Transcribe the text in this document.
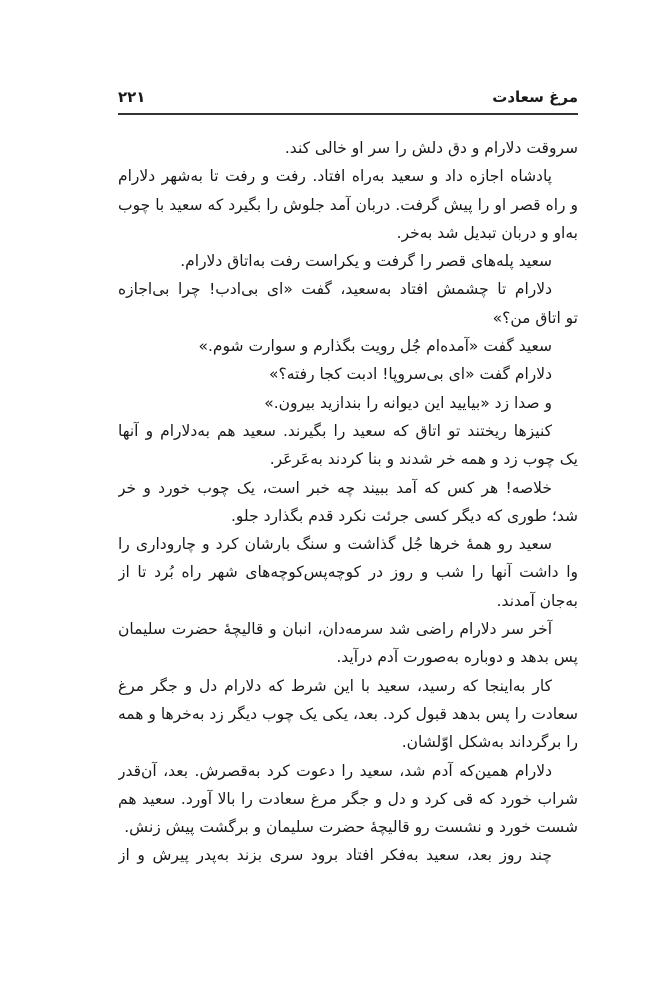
مرغ سعادت
۲۲۱
سروقت دلارام و دق دلش را سر او خالی کند.
پادشاه اجازه داد و سعید به‌راه افتاد. رفت و رفت تا به‌شهر دلارام
و راه قصر او را پیش گرفت. دربان آمد جلوش را بگیرد که سعید با چوب
به‌او و دربان تبدیل شد به‌خر.
سعید پله‌های قصر را گرفت و یکراست رفت به‌اتاق دلارام.
دلارام تا چشمش افتاد به‌سعید، گفت «ای بی‌ادب! چرا بی‌اجازه
تو اتاق من؟»
سعید گفت «آمده‌ام جُل رویت بگذارم و سوارت شوم.»
دلارام گفت «ای بی‌سروپا! ادبت کجا رفته؟»
و صدا زد «بیایید این دیوانه را بندازید بیرون.»
کنیزها ریختند تو اتاق که سعید را بگیرند. سعید هم به‌دلارام و آنها
یک چوب زد و همه خر شدند و بنا کردند به‌عَرعَر.
خلاصه! هر کس که آمد ببیند چه خبر است، یک چوب خورد و خر
شد؛ طوری که دیگر کسی جرئت نکرد قدم بگذارد جلو.
سعید رو همهٔ خرها جُل گذاشت و سنگ بارشان کرد و چاروداری را
وا داشت آنها را شب و روز در کوچه‌پس‌کوچه‌های شهر راه بُرد تا از
به‌جان آمدند.
آخر سر دلارام راضی شد سرمه‌دان، انبان و قالیچهٔ حضرت سلیمان
پس بدهد و دوباره به‌صورت آدم درآید.
کار به‌اینجا که رسید، سعید با این شرط که دلارام دل و جگر مرغ
سعادت را پس بدهد قبول کرد. بعد، یکی یک چوب دیگر زد به‌خرها و همه
را برگرداند به‌شکل اوّلشان.
دلارام همین‌که آدم شد، سعید را دعوت کرد به‌قصرش. بعد، آن‌قدر
شراب خورد که قی کرد و دل و جگر مرغ سعادت را بالا آورد. سعید هم
شست خورد و نشست رو قالیچهٔ حضرت سلیمان و برگشت پیش زنش.
چند روز بعد، سعید به‌فکر افتاد برود سری بزند به‌پدر پیرش و از
